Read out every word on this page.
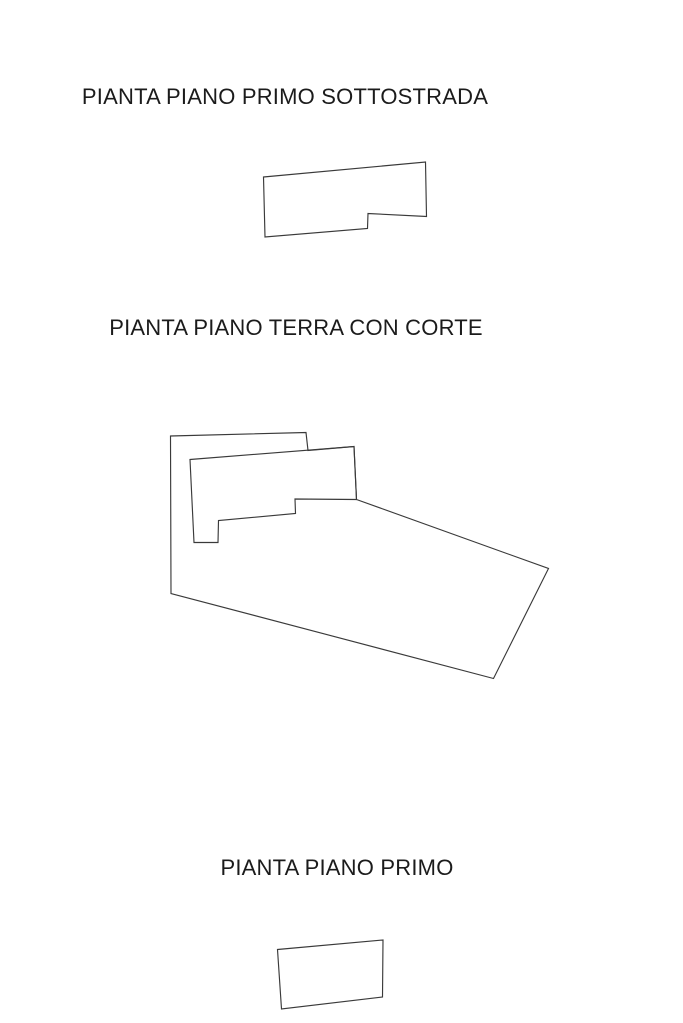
PIANTA PIANO PRIMO SOTTOSTRADA
PIANTA PIANO TERRA CON CORTE
PIANTA PIANO PRIMO
